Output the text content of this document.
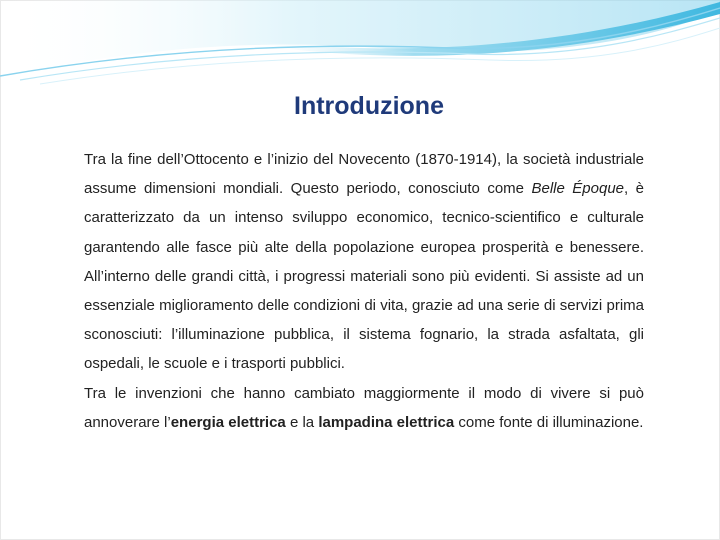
Introduzione

Tra la fine dell’Ottocento e l’inizio del Novecento (1870-1914), la società industriale assume dimensioni mondiali. Questo periodo, conosciuto come Belle Époque, è caratterizzato da un intenso sviluppo economico, tecnico-scientifico e culturale garantendo alle fasce più alte della popolazione europea prosperità e benessere. All’interno delle grandi città, i progressi materiali sono più evidenti. Si assiste ad un essenziale miglioramento delle condizioni di vita, grazie ad una serie di servizi prima sconosciuti: l’illuminazione pubblica, il sistema fognario, la strada asfaltata, gli ospedali, le scuole e i trasporti pubblici.

Tra le invenzioni che hanno cambiato maggiormente il modo di vivere si può annoverare l’energia elettrica e la lampadina elettrica come fonte di illuminazione.
